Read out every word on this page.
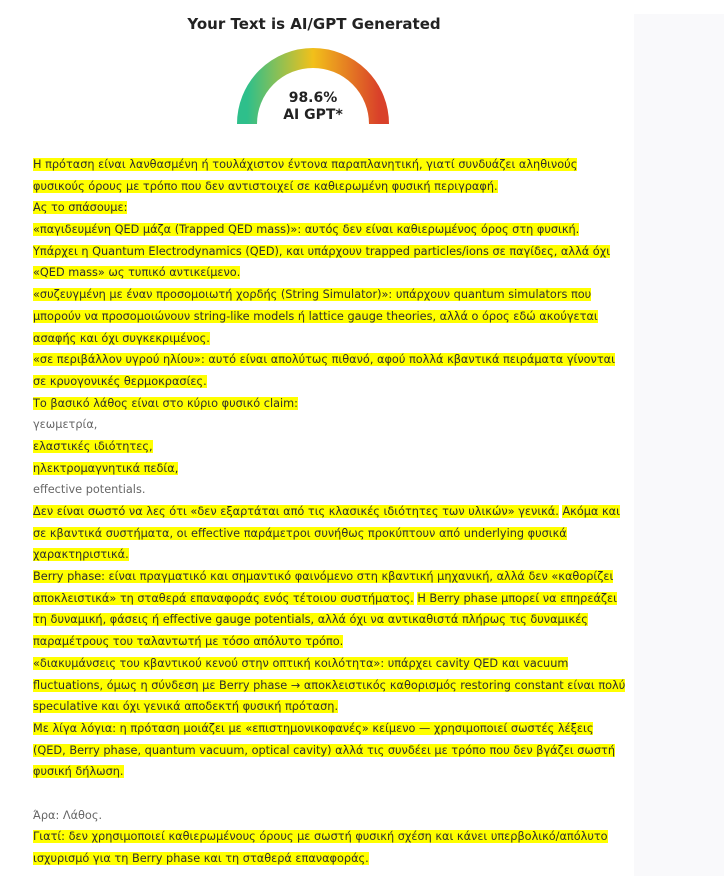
Your Text is AI/GPT Generated
98.6%
AI GPT*
Η πρόταση είναι λανθασμένη ή τουλάχιστον έντονα παραπλανητική, γιατί συνδυάζει αληθινούς
φυσικούς όρους με τρόπο που δεν αντιστοιχεί σε καθιερωμένη φυσική περιγραφή.
Ας το σπάσουμε:
«παγιδευμένη QED μάζα (Trapped QED mass)»: αυτός δεν είναι καθιερωμένος όρος στη φυσική.
Υπάρχει η Quantum Electrodynamics (QED), και υπάρχουν trapped particles/ions σε παγίδες, αλλά όχι
«QED mass» ως τυπικό αντικείμενο.
«συζευγμένη με έναν προσομοιωτή χορδής (String Simulator)»: υπάρχουν quantum simulators που
μπορούν να προσομοιώνουν string-like models ή lattice gauge theories, αλλά ο όρος εδώ ακούγεται
ασαφής και όχι συγκεκριμένος.
«σε περιβάλλον υγρού ηλίου»: αυτό είναι απολύτως πιθανό, αφού πολλά κβαντικά πειράματα γίνονται
σε κρυογονικές θερμοκρασίες.
Το βασικό λάθος είναι στο κύριο φυσικό claim:
γεωμετρία,
ελαστικές ιδιότητες,
ηλεκτρομαγνητικά πεδία,
effective potentials.
Δεν είναι σωστό να λες ότι «δεν εξαρτάται από τις κλασικές ιδιότητες των υλικών» γενικά. Ακόμα και
σε κβαντικά συστήματα, οι effective παράμετροι συνήθως προκύπτουν από underlying φυσικά
χαρακτηριστικά.
Berry phase: είναι πραγματικό και σημαντικό φαινόμενο στη κβαντική μηχανική, αλλά δεν «καθορίζει
αποκλειστικά» τη σταθερά επαναφοράς ενός τέτοιου συστήματος. Η Berry phase μπορεί να επηρεάζει
τη δυναμική, φάσεις ή effective gauge potentials, αλλά όχι να αντικαθιστά πλήρως τις δυναμικές
παραμέτρους του ταλαντωτή με τόσο απόλυτο τρόπο.
«διακυμάνσεις του κβαντικού κενού στην οπτική κοιλότητα»: υπάρχει cavity QED και vacuum
fluctuations, όμως η σύνδεση με Berry phase → αποκλειστικός καθορισμός restoring constant είναι πολύ
speculative και όχι γενικά αποδεκτή φυσική πρόταση.
Με λίγα λόγια: η πρόταση μοιάζει με «επιστημονικοφανές» κείμενο — χρησιμοποιεί σωστές λέξεις
(QED, Berry phase, quantum vacuum, optical cavity) αλλά τις συνδέει με τρόπο που δεν βγάζει σωστή
φυσική δήλωση.
Άρα: Λάθος.
Γιατί: δεν χρησιμοποιεί καθιερωμένους όρους με σωστή φυσική σχέση και κάνει υπερβολικό/απόλυτο
ισχυρισμό για τη Berry phase και τη σταθερά επαναφοράς.
